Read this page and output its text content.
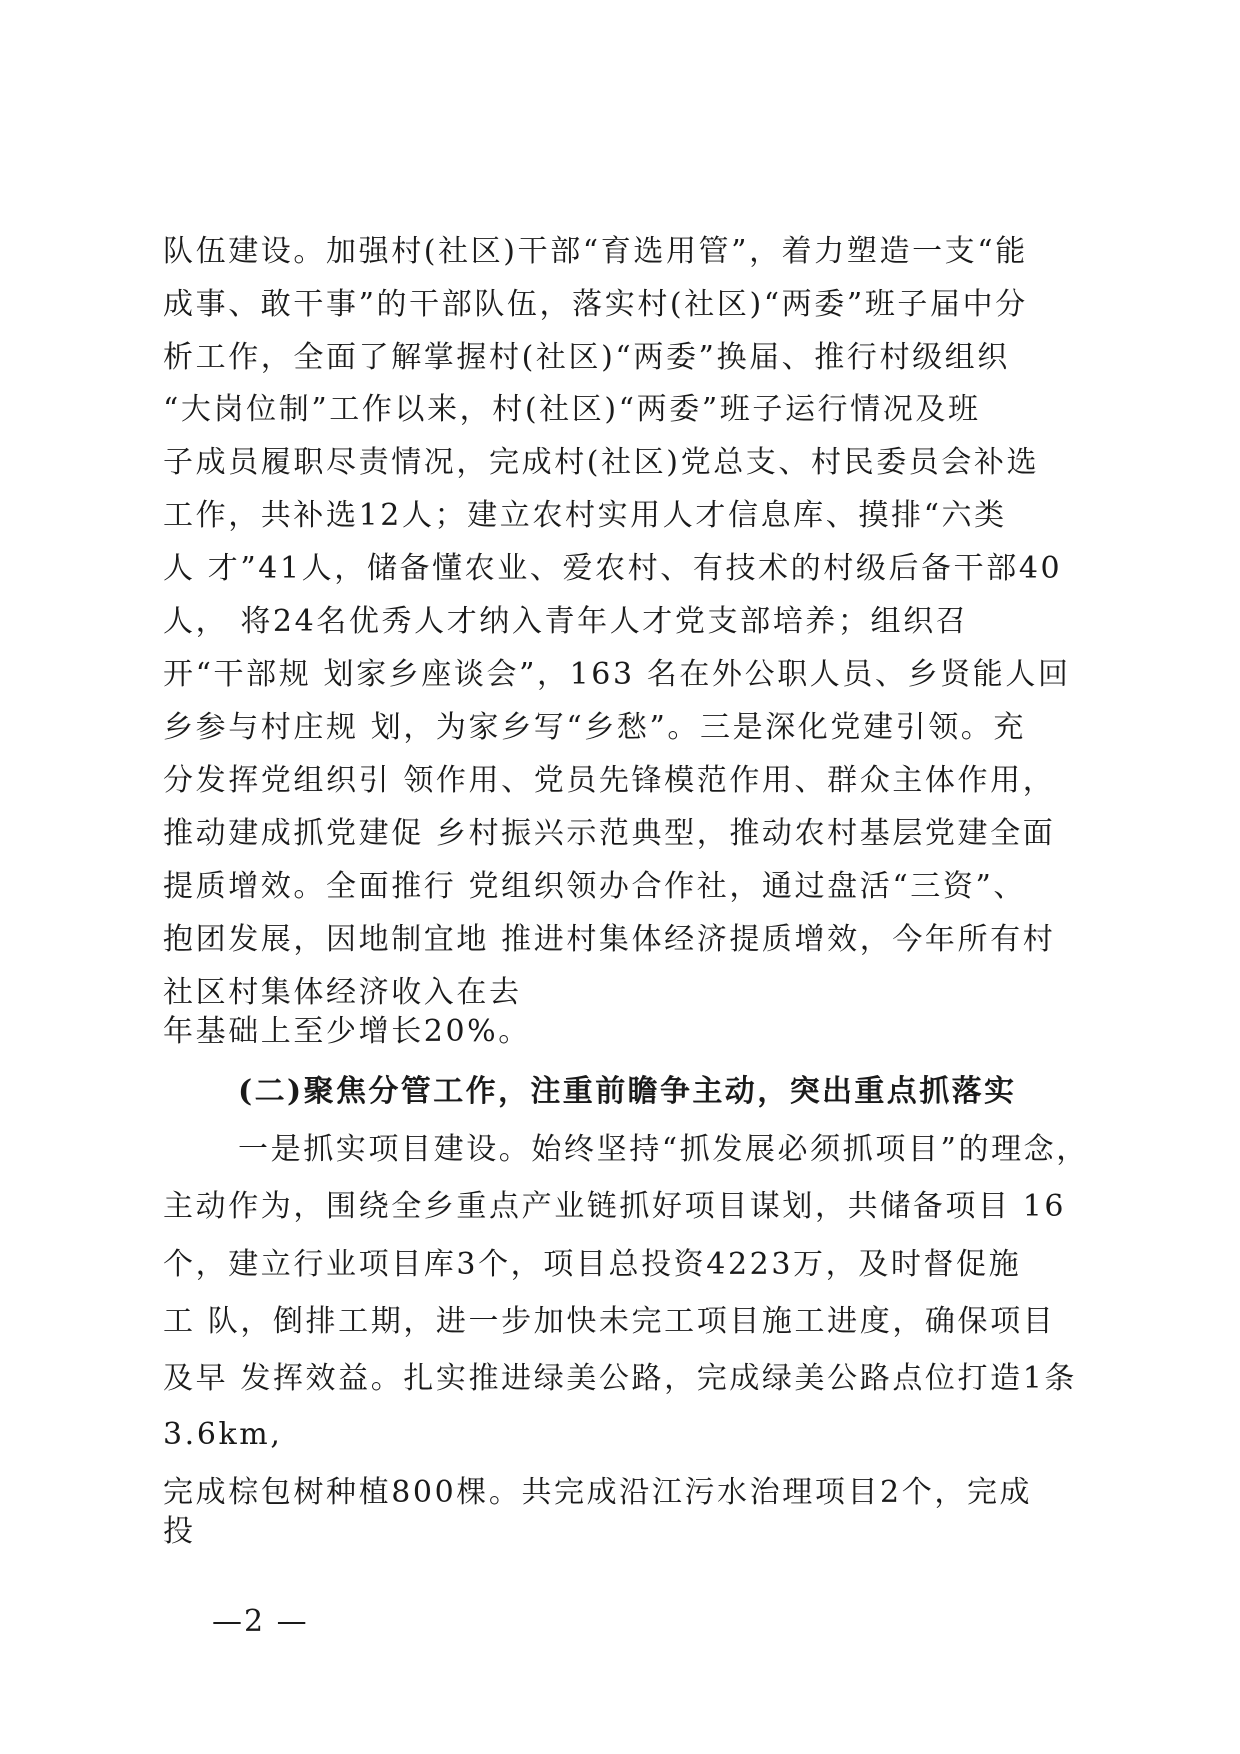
队伍建设。加强村(社区)干部“育选用管”，着力塑造一支“能
成事、敢干事”的干部队伍，落实村(社区)“两委”班子届中分
析工作，全面了解掌握村(社区)“两委”换届、推行村级组织
“大岗位制”工作以来，村(社区)“两委”班子运行情况及班
子成员履职尽责情况，完成村(社区)党总支、村民委员会补选
工作，共补选12人；建立农村实用人才信息库、摸排“六类
人 才”41人，储备懂农业、爱农村、有技术的村级后备干部40
人， 将24名优秀人才纳入青年人才党支部培养；组织召
开“干部规 划家乡座谈会”，163 名在外公职人员、乡贤能人回
乡参与村庄规 划，为家乡写“乡愁”。三是深化党建引领。充
分发挥党组织引 领作用、党员先锋模范作用、群众主体作用，
推动建成抓党建促 乡村振兴示范典型，推动农村基层党建全面
提质增效。全面推行 党组织领办合作社，通过盘活“三资”、
抱团发展，因地制宜地 推进村集体经济提质增效，今年所有村
社区村集体经济收入在去
年基础上至少增长20%。
(二)聚焦分管工作，注重前瞻争主动，突出重点抓落实
一是抓实项目建设。始终坚持“抓发展必须抓项目”的理念，
主动作为，围绕全乡重点产业链抓好项目谋划，共储备项目 16
个，建立行业项目库3个，项目总投资4223万，及时督促施
工 队，倒排工期，进一步加快未完工项目施工进度，确保项目
及早 发挥效益。扎实推进绿美公路，完成绿美公路点位打造1条
3.6km,
完成棕包树种植800棵。共完成沿江污水治理项目2个，完成
投
—2 —
